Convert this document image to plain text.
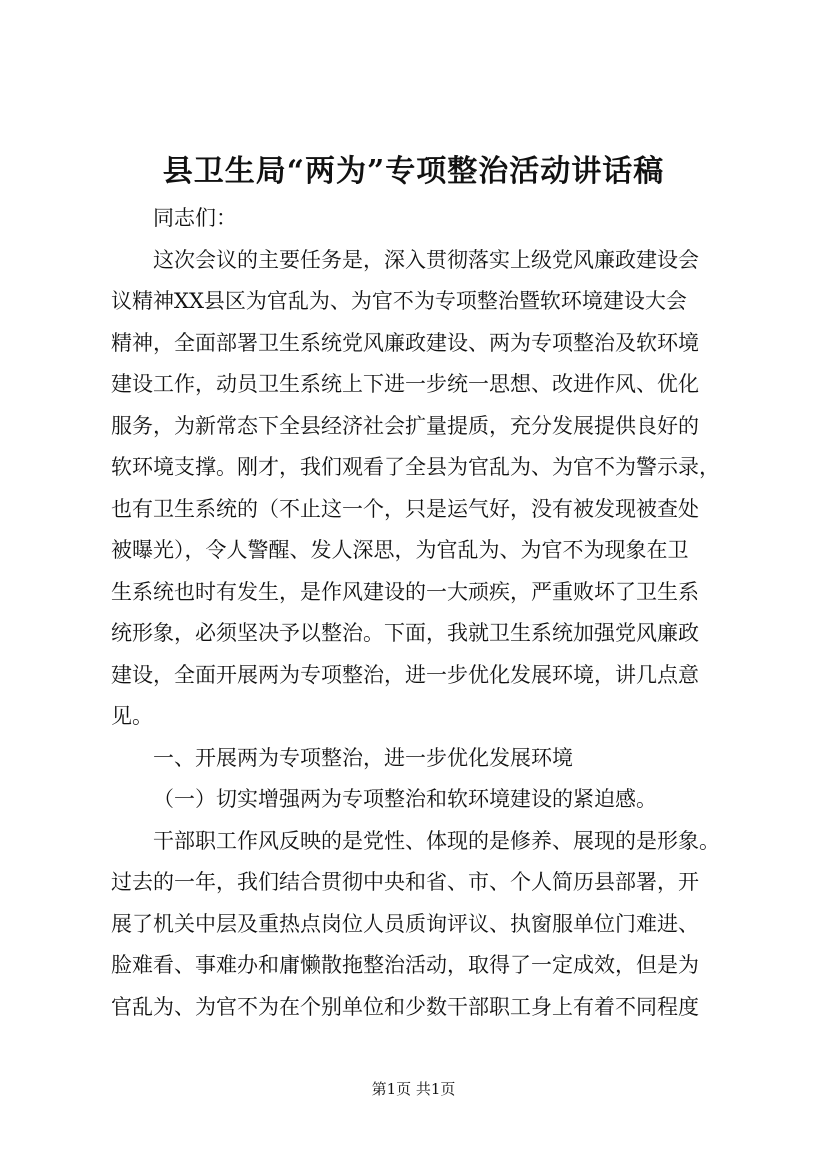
县卫生局“两为”专项整治活动讲话稿
同志们：
这次会议的主要任务是，深入贯彻落实上级党风廉政建设会
议精神XX县区为官乱为、为官不为专项整治暨软环境建设大会
精神，全面部署卫生系统党风廉政建设、两为专项整治及软环境
建设工作，动员卫生系统上下进一步统一思想、改进作风、优化
服务，为新常态下全县经济社会扩量提质，充分发展提供良好的
软环境支撑。刚才，我们观看了全县为官乱为、为官不为警示录，
也有卫生系统的（不止这一个，只是运气好，没有被发现被查处
被曝光），令人警醒、发人深思，为官乱为、为官不为现象在卫
生系统也时有发生，是作风建设的一大顽疾，严重败坏了卫生系
统形象，必须坚决予以整治。下面，我就卫生系统加强党风廉政
建设，全面开展两为专项整治，进一步优化发展环境，讲几点意
见。
一、开展两为专项整治，进一步优化发展环境
（一）切实增强两为专项整治和软环境建设的紧迫感。
干部职工作风反映的是党性、体现的是修养、展现的是形象。
过去的一年，我们结合贯彻中央和省、市、个人简历县部署，开
展了机关中层及重热点岗位人员质询评议、执窗服单位门难进、
脸难看、事难办和庸懒散拖整治活动，取得了一定成效，但是为
官乱为、为官不为在个别单位和少数干部职工身上有着不同程度
第1页 共1页
